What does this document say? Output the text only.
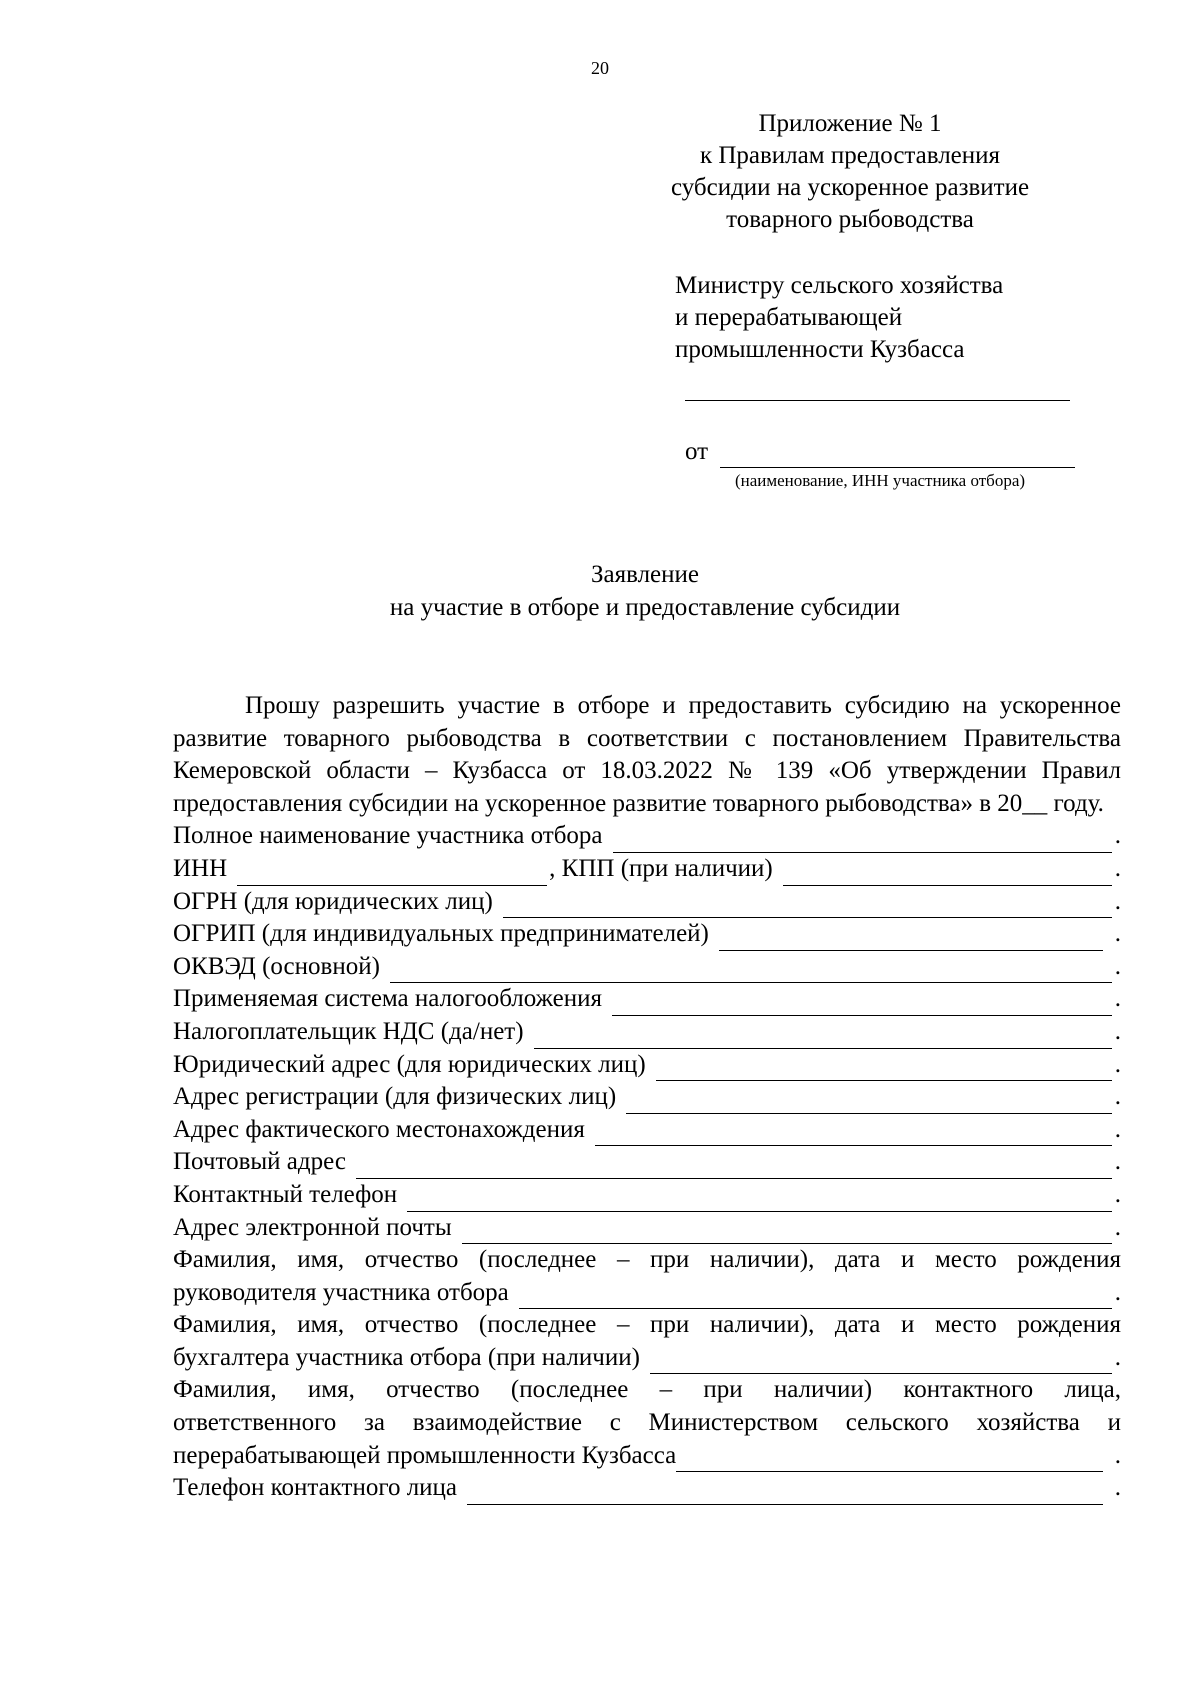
20
Приложение № 1
к Правилам предоставления
субсидии на ускоренное развитие
товарного рыбоводства
Министру сельского хозяйства
и перерабатывающей
промышленности Кузбасса
от
(наименование, ИНН участника отбора)
Заявление
на участие в отборе и предоставление субсидии

Прошу разрешить участие в отборе и предоставить субсидию на ускоренное развитие товарного рыбоводства в соответствии с постановлением Правительства Кемеровской области – Кузбасса от 18.03.2022 № 139 «Об утверждении Правил предоставления субсидии на ускоренное развитие товарного рыбоводства» в 20__ году.

Полное наименование участника отбора	.
ИНН	, КПП (при наличии)	.
ОГРН (для юридических лиц)	.
ОГРИП (для индивидуальных предпринимателей)	.
ОКВЭД (основной)	.
Применяемая система налогообложения	.
Налогоплательщик НДС (да/нет)	.
Юридический адрес (для юридических лиц)	.
Адрес регистрации (для физических лиц)	.
Адрес фактического местонахождения	.
Почтовый адрес	.
Контактный телефон	.
Адрес электронной почты	.

Фамилия, имя, отчество (последнее – при наличии), дата и место рождения

руководителя участника отбора	.

Фамилия, имя, отчество (последнее – при наличии), дата и место рождения

бухгалтера участника отбора (при наличии)	.

Фамилия, имя, отчество (последнее – при наличии) контактного лица,

ответственного за взаимодействие с Министерством сельского хозяйства и

перерабатывающей промышленности Кузбасса	.
Телефон контактного лица	.
